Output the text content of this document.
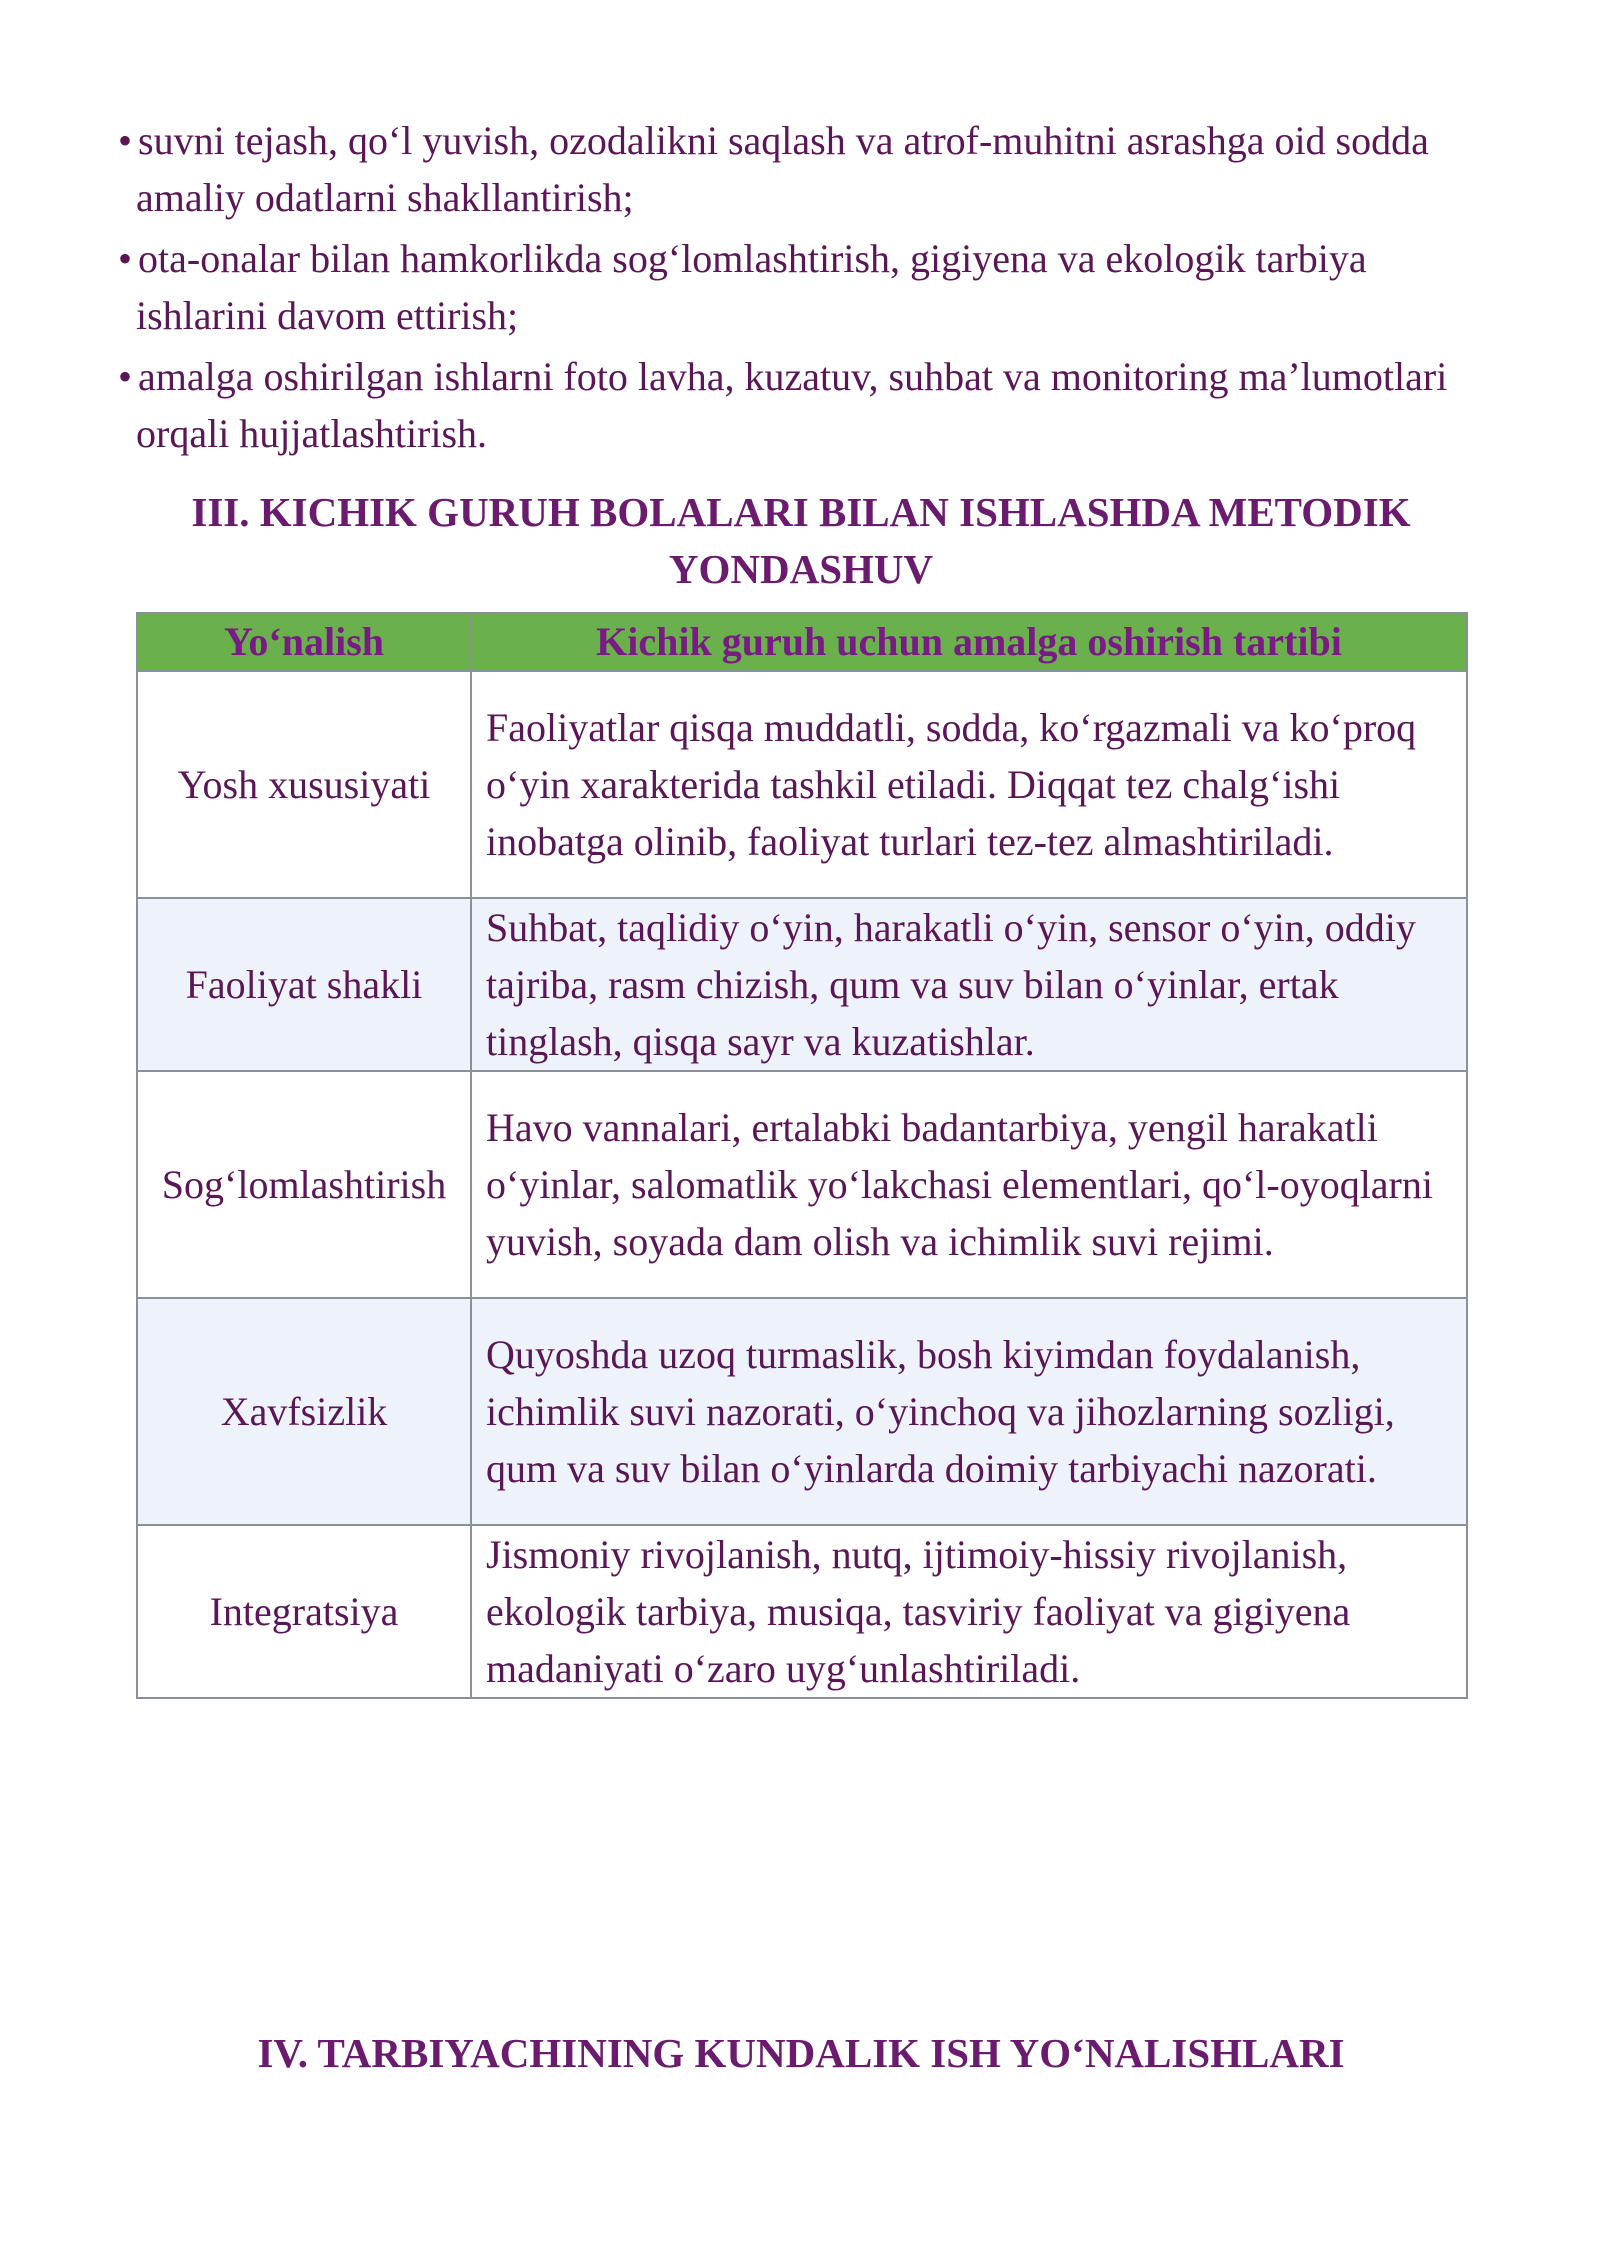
• suvni tejash, qo‘l yuvish, ozodalikni saqlash va atrof-muhitni asrashga oid sodda amaliy odatlarni shakllantirish;
• ota-onalar bilan hamkorlikda sog‘lomlashtirish, gigiyena va ekologik tarbiya ishlarini davom ettirish;
• amalga oshirilgan ishlarni foto lavha, kuzatuv, suhbat va monitoring ma’lumotlari orqali hujjatlashtirish.
III. KICHIK GURUH BOLALARI BILAN ISHLASHDA METODIK YONDASHUV
Yo‘nalish	Kichik guruh uchun amalga oshirish tartibi
Yosh xususiyati	Faoliyatlar qisqa muddatli, sodda, ko‘rgazmali va ko‘proq o‘yin xarakterida tashkil etiladi. Diqqat tez chalg‘ishi inobatga olinib, faoliyat turlari tez-tez almashtiriladi.
Faoliyat shakli	Suhbat, taqlidiy o‘yin, harakatli o‘yin, sensor o‘yin, oddiy tajriba, rasm chizish, qum va suv bilan o‘yinlar, ertak tinglash, qisqa sayr va kuzatishlar.
Sog‘lomlashtirish	Havo vannalari, ertalabki badantarbiya, yengil harakatli o‘yinlar, salomatlik yo‘lakchasi elementlari, qo‘l-oyoqlarni yuvish, soyada dam olish va ichimlik suvi rejimi.
Xavfsizlik	Quyoshda uzoq turmaslik, bosh kiyimdan foydalanish, ichimlik suvi nazorati, o‘yinchoq va jihozlarning sozligi, qum va suv bilan o‘yinlarda doimiy tarbiyachi nazorati.
Integratsiya	Jismoniy rivojlanish, nutq, ijtimoiy-hissiy rivojlanish, ekologik tarbiya, musiqa, tasviriy faoliyat va gigiyena madaniyati o‘zaro uyg‘unlashtiriladi.
IV. TARBIYACHINING KUNDALIK ISH YO‘NALISHLARI
